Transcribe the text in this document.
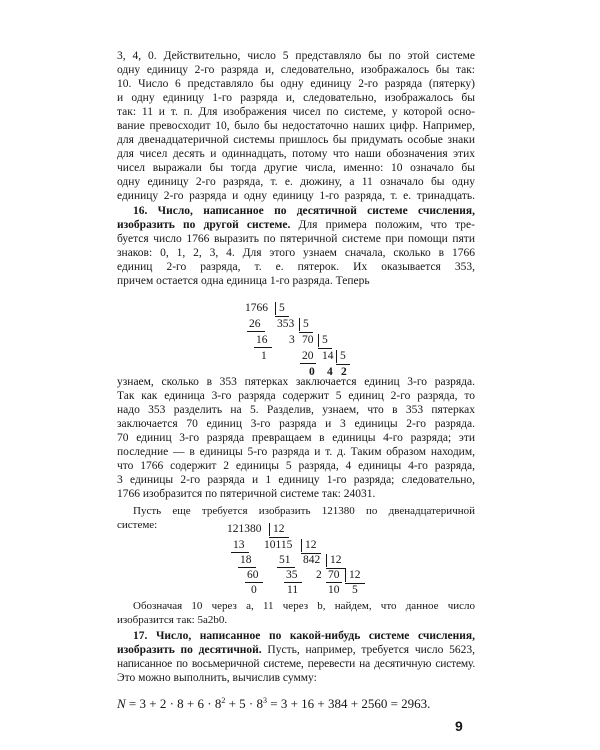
3, 4, 0. Действительно, число 5 представляло бы по этой системе
одну единицу 2-го разряда и, следовательно, изображалось бы так:
10. Число 6 представляло бы одну единицу 2-го разряда (пятерку)
и одну единицу 1-го разряда и, следовательно, изображалось бы
так: 11 и т. п. Для изображения чисел по системе, у которой осно-
вание превосходит 10, было бы недостаточно наших цифр. Например,
для двенадцатеричной системы пришлось бы придумать особые знаки
для чисел десять и одиннадцать, потому что наши обозначения этих
чисел выражали бы тогда другие числа, именно: 10 означало бы
одну единицу 2-го разряда, т. е. дюжину, а 11 означало бы одну
единицу 2-го разряда и одну единицу 1-го разряда, т. е. тринадцать.
16. Число, написанное по десятичной системе счисления,
изобразить по другой системе. Для примера положим, что тре-
буется число 1766 выразить по пятеричной системе при помощи пяти
знаков: 0, 1, 2, 3, 4. Для этого узнаем сначала, сколько в 1766
единиц 2-го разряда, т. е. пятерок. Их оказывается 353,
причем остается одна единица 1-го разряда. Теперь
1766 5
26 353 5
16 3 70 5
1	20 14 5
0 4 2
узнаем, сколько в 353 пятерках заключается единиц 3-го разряда.
Так как единица 3-го разряда содержит 5 единиц 2-го разряда, то
надо 353 разделить на 5. Разделив, узнаем, что в 353 пятерках
заключается 70 единиц 3-го разряда и 3 единицы 2-го разряда.
70 единиц 3-го разряда превращаем в единицы 4-го разряда; эти
последние — в единицы 5-го разряда и т. д. Таким образом находим,
что 1766 содержит 2 единицы 5 разряда, 4 единицы 4-го разряда,
3 единицы 2-го разряда и 1 единицу 1-го разряда; следовательно,
1766 изобразится по пятеричной системе так: 24031.
Пусть еще требуется изобразить 121380 по двенадцатеричной
системе:	121380 12
13 10115 12
18 51 842 12
60 35 2 70 12
0	11	10 5
Обозначая 10 через a, 11 через b, найдем, что данное число
изобразится так: 5a2b0.
17. Число, написанное по какой-нибудь системе счисления,
изобразить по десятичной. Пусть, например, требуется число 5623,
написанное по восьмеричной системе, перевести на десятичную систему.
Это можно выполнить, вычислив сумму:
$N = 3 + 2 \cdot 8 + 6 \cdot 8^2 + 5 \cdot 8^3 = 3 + 16 + 384 + 2560 = 2963$.
9
